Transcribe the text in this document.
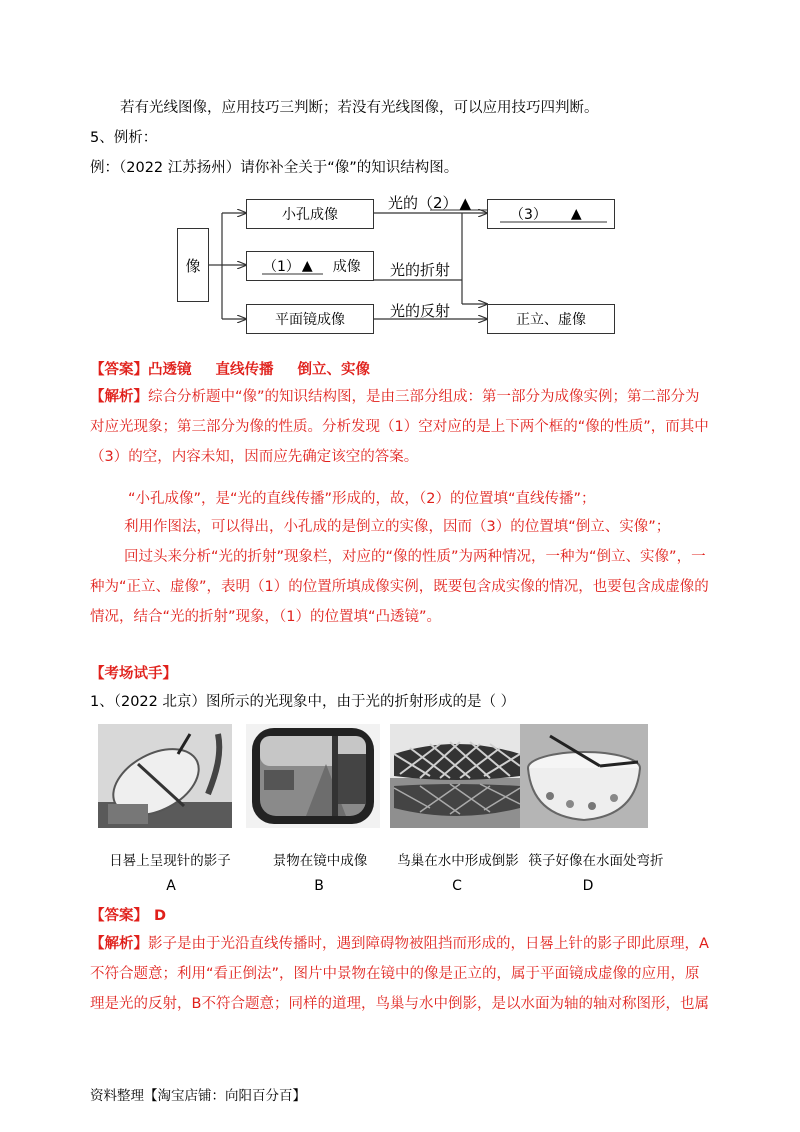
若有光线图像，应用技巧三判断；若没有光线图像，可以应用技巧四判断。
5、例析：
例：（2022 江苏扬州）请你补全关于“像”的知识结构图。
像
小孔成像
（1） ▲ 成像
平面镜成像
（3） ▲
正立、虚像
光的（2） ▲
光的折射
光的反射
【答案】凸透镜 直线传播 倒立、实像
【解析】综合分析题中“像”的知识结构图，是由三部分组成：第一部分为成像实例；第二部分为对应光现象；第三部分为像的性质。分析发现（1）空对应的是上下两个框的“像的性质”，而其中（3）的空，内容未知，因而应先确定该空的答案。
“小孔成像”，是“光的直线传播”形成的，故，（2）的位置填“直线传播”；
利用作图法，可以得出，小孔成的是倒立的实像，因而（3）的位置填“倒立、实像”；
回过头来分析“光的折射”现象栏，对应的“像的性质”为两种情况，一种为“倒立、实像”，一种为“正立、虚像”，表明（1）的位置所填成像实例，既要包含成实像的情况，也要包含成虚像的情况，结合“光的折射”现象，（1）的位置填“凸透镜”。
【考场试手】
1、（2022 北京）图所示的光现象中，由于光的折射形成的是（ ）
日晷上呈现针的影子	景物在镜中成像	鸟巢在水中形成倒影 筷子好像在水面处弯折
A	B	C	D
【答案】 D
【解析】影子是由于光沿直线传播时，遇到障碍物被阻挡而形成的，日晷上针的影子即此原理，A不符合题意；利用“看正倒法”，图片中景物在镜中的像是正立的，属于平面镜成虚像的应用，原理是光的反射，B不符合题意；同样的道理，鸟巢与水中倒影，是以水面为轴的轴对称图形，也属
资料整理【淘宝店铺：向阳百分百】
